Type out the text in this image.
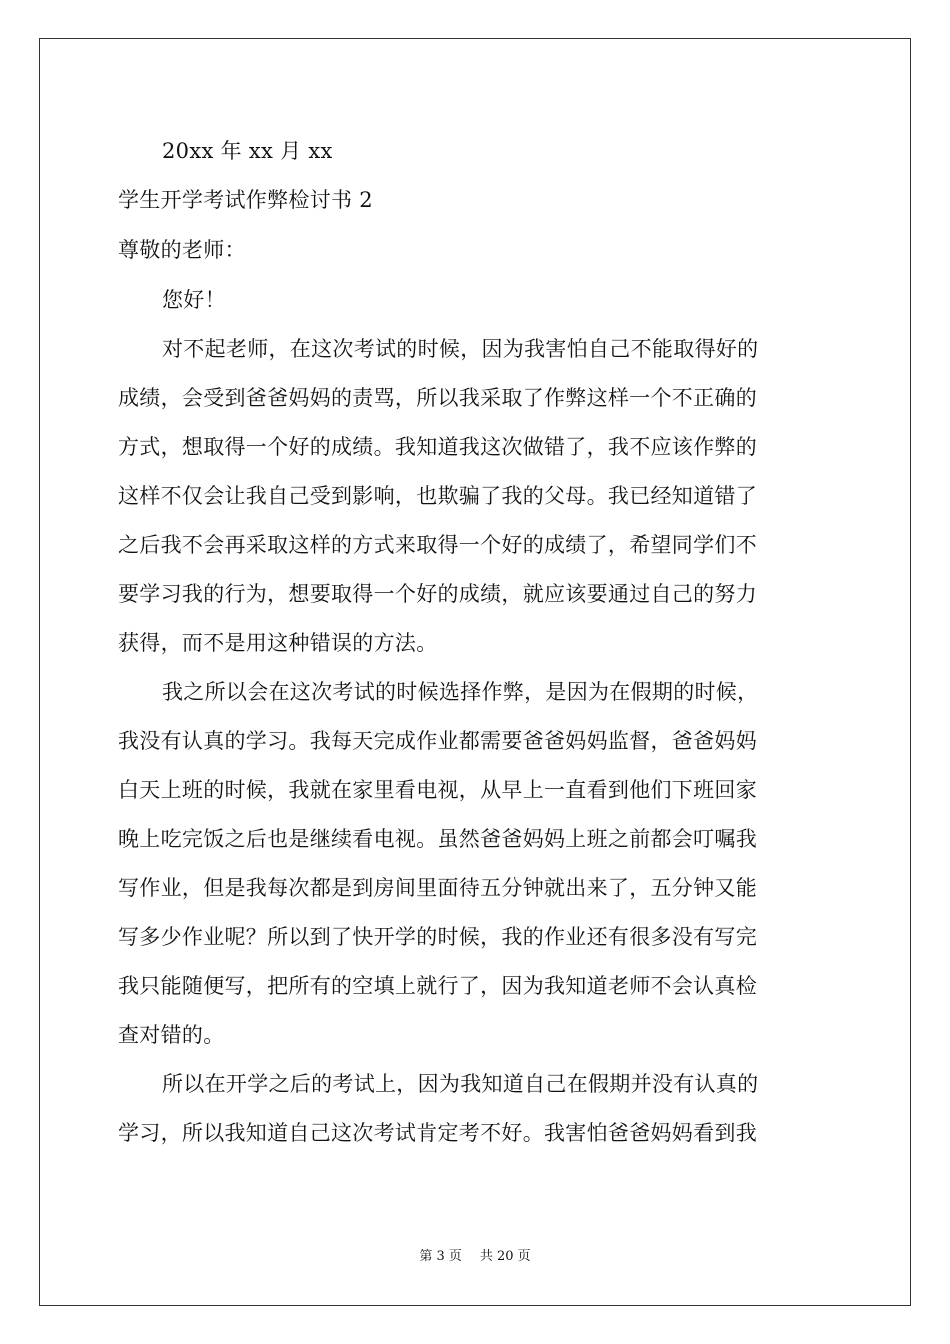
20xx 年 xx 月 xx
学生开学考试作弊检讨书 2
尊敬的老师：
您好！
对不起老师，在这次考试的时候，因为我害怕自己不能取得好的
成绩，会受到爸爸妈妈的责骂，所以我采取了作弊这样一个不正确的
方式，想取得一个好的成绩。我知道我这次做错了，我不应该作弊的
这样不仅会让我自己受到影响，也欺骗了我的父母。我已经知道错了
之后我不会再采取这样的方式来取得一个好的成绩了，希望同学们不
要学习我的行为，想要取得一个好的成绩，就应该要通过自己的努力
获得，而不是用这种错误的方法。
我之所以会在这次考试的时候选择作弊，是因为在假期的时候，
我没有认真的学习。我每天完成作业都需要爸爸妈妈监督，爸爸妈妈
白天上班的时候，我就在家里看电视，从早上一直看到他们下班回家
晚上吃完饭之后也是继续看电视。虽然爸爸妈妈上班之前都会叮嘱我
写作业，但是我每次都是到房间里面待五分钟就出来了，五分钟又能
写多少作业呢？所以到了快开学的时候，我的作业还有很多没有写完
我只能随便写，把所有的空填上就行了，因为我知道老师不会认真检
查对错的。
所以在开学之后的考试上，因为我知道自己在假期并没有认真的
学习，所以我知道自己这次考试肯定考不好。我害怕爸爸妈妈看到我
第 3 页 共 20 页
